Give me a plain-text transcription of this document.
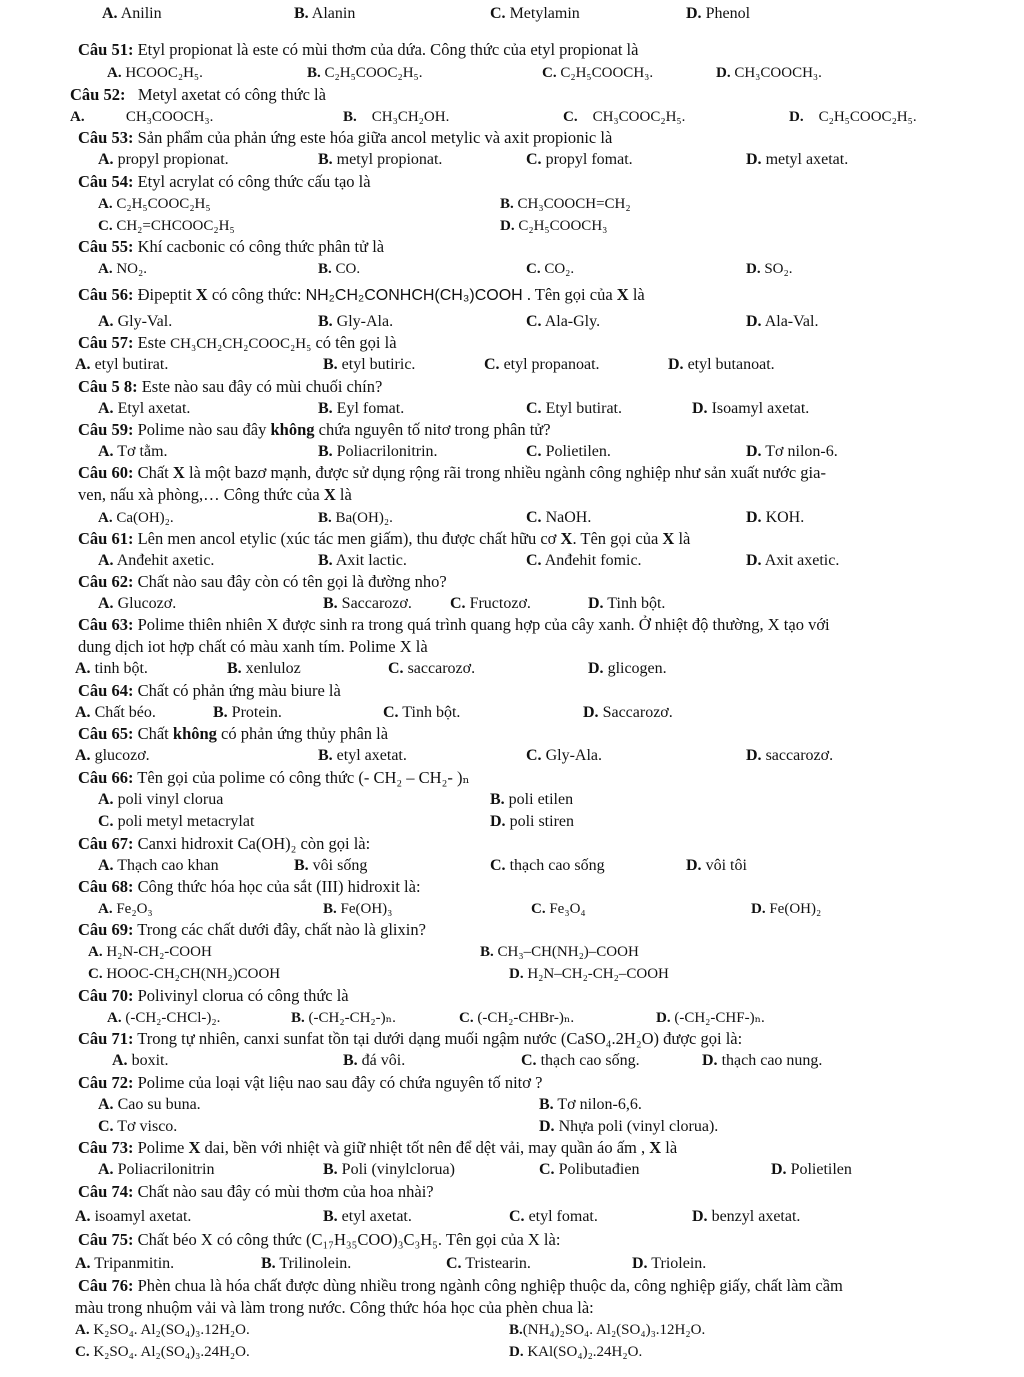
A. Anilin	B. Alanin	C. Metylamin	D. Phenol
Câu 51: Etyl propionat là este có mùi thơm của dứa. Công thức của etyl propionat là
A. HCOOC₂H₅.	B. C₂H₅COOC₂H₅.	C. C₂H₅COOCH₃.	D. CH₃COOCH₃.
Câu 52: Metyl axetat có công thức là
A.	CH₃COOCH₃.	B. CH₃CH₂OH.	C. CH₃COOC₂H₅.	D. C₂H₅COOC₂H₅.
Câu 53: Sản phẩm của phản ứng este hóa giữa ancol metylic và axit propionic là
A. propyl propionat.	B. metyl propionat.	C. propyl fomat.	D. metyl axetat.
Câu 54: Etyl acrylat có công thức cấu tạo là
A. C₂H₅COOC₂H₅	B. CH₃COOCH=CH₂
C. CH₂=CHCOOC₂H₅	D. C₂H₅COOCH₃
Câu 55: Khí cacbonic có công thức phân tử là
A. NO₂.	B. CO.	C. CO₂.	D. SO₂.
Câu 56: Đipeptit X có công thức: NH₂CH₂CONHCH(CH₃)COOH . Tên gọi của X là
A. Gly-Val.	B. Gly-Ala.	C. Ala-Gly.	D. Ala-Val.
Câu 57: Este CH₃CH₂CH₂COOC₂H₅ có tên gọi là
A. etyl butirat.	B. etyl butiric.	C. etyl propanoat.	D. etyl butanoat.
Câu 5 8: Este nào sau đây có mùi chuối chín?
A. Etyl axetat.	B. Eyl fomat.	C. Etyl butirat.	D. Isoamyl axetat.
Câu 59: Polime nào sau đây không chứa nguyên tố nitơ trong phân tử?
A. Tơ tằm.	B. Poliacrilonitrin.	C. Polietilen.	D. Tơ nilon-6.
Câu 60: Chất X là một bazơ mạnh, được sử dụng rộng rãi trong nhiều ngành công nghiệp như sản xuất nước gia-
ven, nấu xà phòng,… Công thức của X là
A. Ca(OH)₂.	B. Ba(OH)₂.	C. NaOH.	D. KOH.
Câu 61: Lên men ancol etylic (xúc tác men giấm), thu được chất hữu cơ X. Tên gọi của X là
A. Anđehit axetic.	B. Axit lactic.	C. Anđehit fomic.	D. Axit axetic.
Câu 62: Chất nào sau đây còn có tên gọi là đường nho?
A. Glucozơ.	B. Saccarozơ. C. Fructozơ.	D. Tinh bột.
Câu 63: Polime thiên nhiên X được sinh ra trong quá trình quang hợp của cây xanh. Ở nhiệt độ thường, X tạo với
dung dịch iot hợp chất có màu xanh tím. Polime X là
A. tinh bột.	B. xenluloz	C. saccarozơ.	D. glicogen.
Câu 64: Chất có phản ứng màu biure là
A. Chất béo.	B. Protein.	C. Tinh bột.	D. Saccarozơ.
Câu 65: Chất không có phản ứng thủy phân là
A. glucozơ.	B. etyl axetat.	C. Gly-Ala.	D. saccarozơ.
Câu 66: Tên gọi của polime có công thức (- CH₂ – CH₂- )ₙ
A. poli vinyl clorua	B. poli etilen
C. poli metyl metacrylat	D. poli stiren
Câu 67: Canxi hidroxit Ca(OH)₂ còn gọi là:
A. Thạch cao khan	B. vôi sống	C. thạch cao sống	D. vôi tôi
Câu 68: Công thức hóa học của sắt (III) hidroxit là:
A. Fe₂O₃	B. Fe(OH)₃	C. Fe₃O₄	D. Fe(OH)₂
Câu 69: Trong các chất dưới đây, chất nào là glixin?
A. H₂N-CH₂-COOH	B. CH₃–CH(NH₂)–COOH
C. HOOC-CH₂CH(NH₂)COOH	D. H₂N–CH₂-CH₂–COOH
Câu 70: Polivinyl clorua có công thức là
A. (-CH₂-CHCl-)₂.	B. (-CH₂-CH₂-)ₙ.	C. (-CH₂-CHBr-)ₙ.	D. (-CH₂-CHF-)ₙ.
Câu 71: Trong tự nhiên, canxi sunfat tồn tại dưới dạng muối ngậm nước (CaSO₄.2H₂O) được gọi là:
A. boxit.	B. đá vôi.	C. thạch cao sống.	D. thạch cao nung.
Câu 72: Polime của loại vật liệu nao sau đây có chứa nguyên tố nitơ ?
A. Cao su buna.	B. Tơ nilon-6,6.
C. Tơ visco.	D. Nhựa poli (vinyl clorua).
Câu 73: Polime X dai, bền với nhiệt và giữ nhiệt tốt nên để dệt vải, may quần áo ấm , X là
A. Poliacrilonitrin	B. Poli (vinylclorua)	C. Polibutađien	D. Polietilen
Câu 74: Chất nào sau đây có mùi thơm của hoa nhài?
A. isoamyl axetat.	B. etyl axetat.	C. etyl fomat.	D. benzyl axetat.
Câu 75: Chất béo X có công thức (C₁₇H₃₅COO)₃C₃H₅. Tên gọi của X là:
A. Tripanmitin.	B. Trilinolein.	C. Tristearin.	D. Triolein.
Câu 76: Phèn chua là hóa chất được dùng nhiều trong ngành công nghiệp thuộc da, công nghiệp giấy, chất làm cầm
màu trong nhuộm vải và làm trong nước. Công thức hóa học của phèn chua là:
A. K₂SO₄. Al₂(SO₄)₃.12H₂O.	B.(NH₄)₂SO₄. Al₂(SO₄)₃.12H₂O.
C. K₂SO₄. Al₂(SO₄)₃.24H₂O.	D. KAl(SO₄)₂.24H₂O.
